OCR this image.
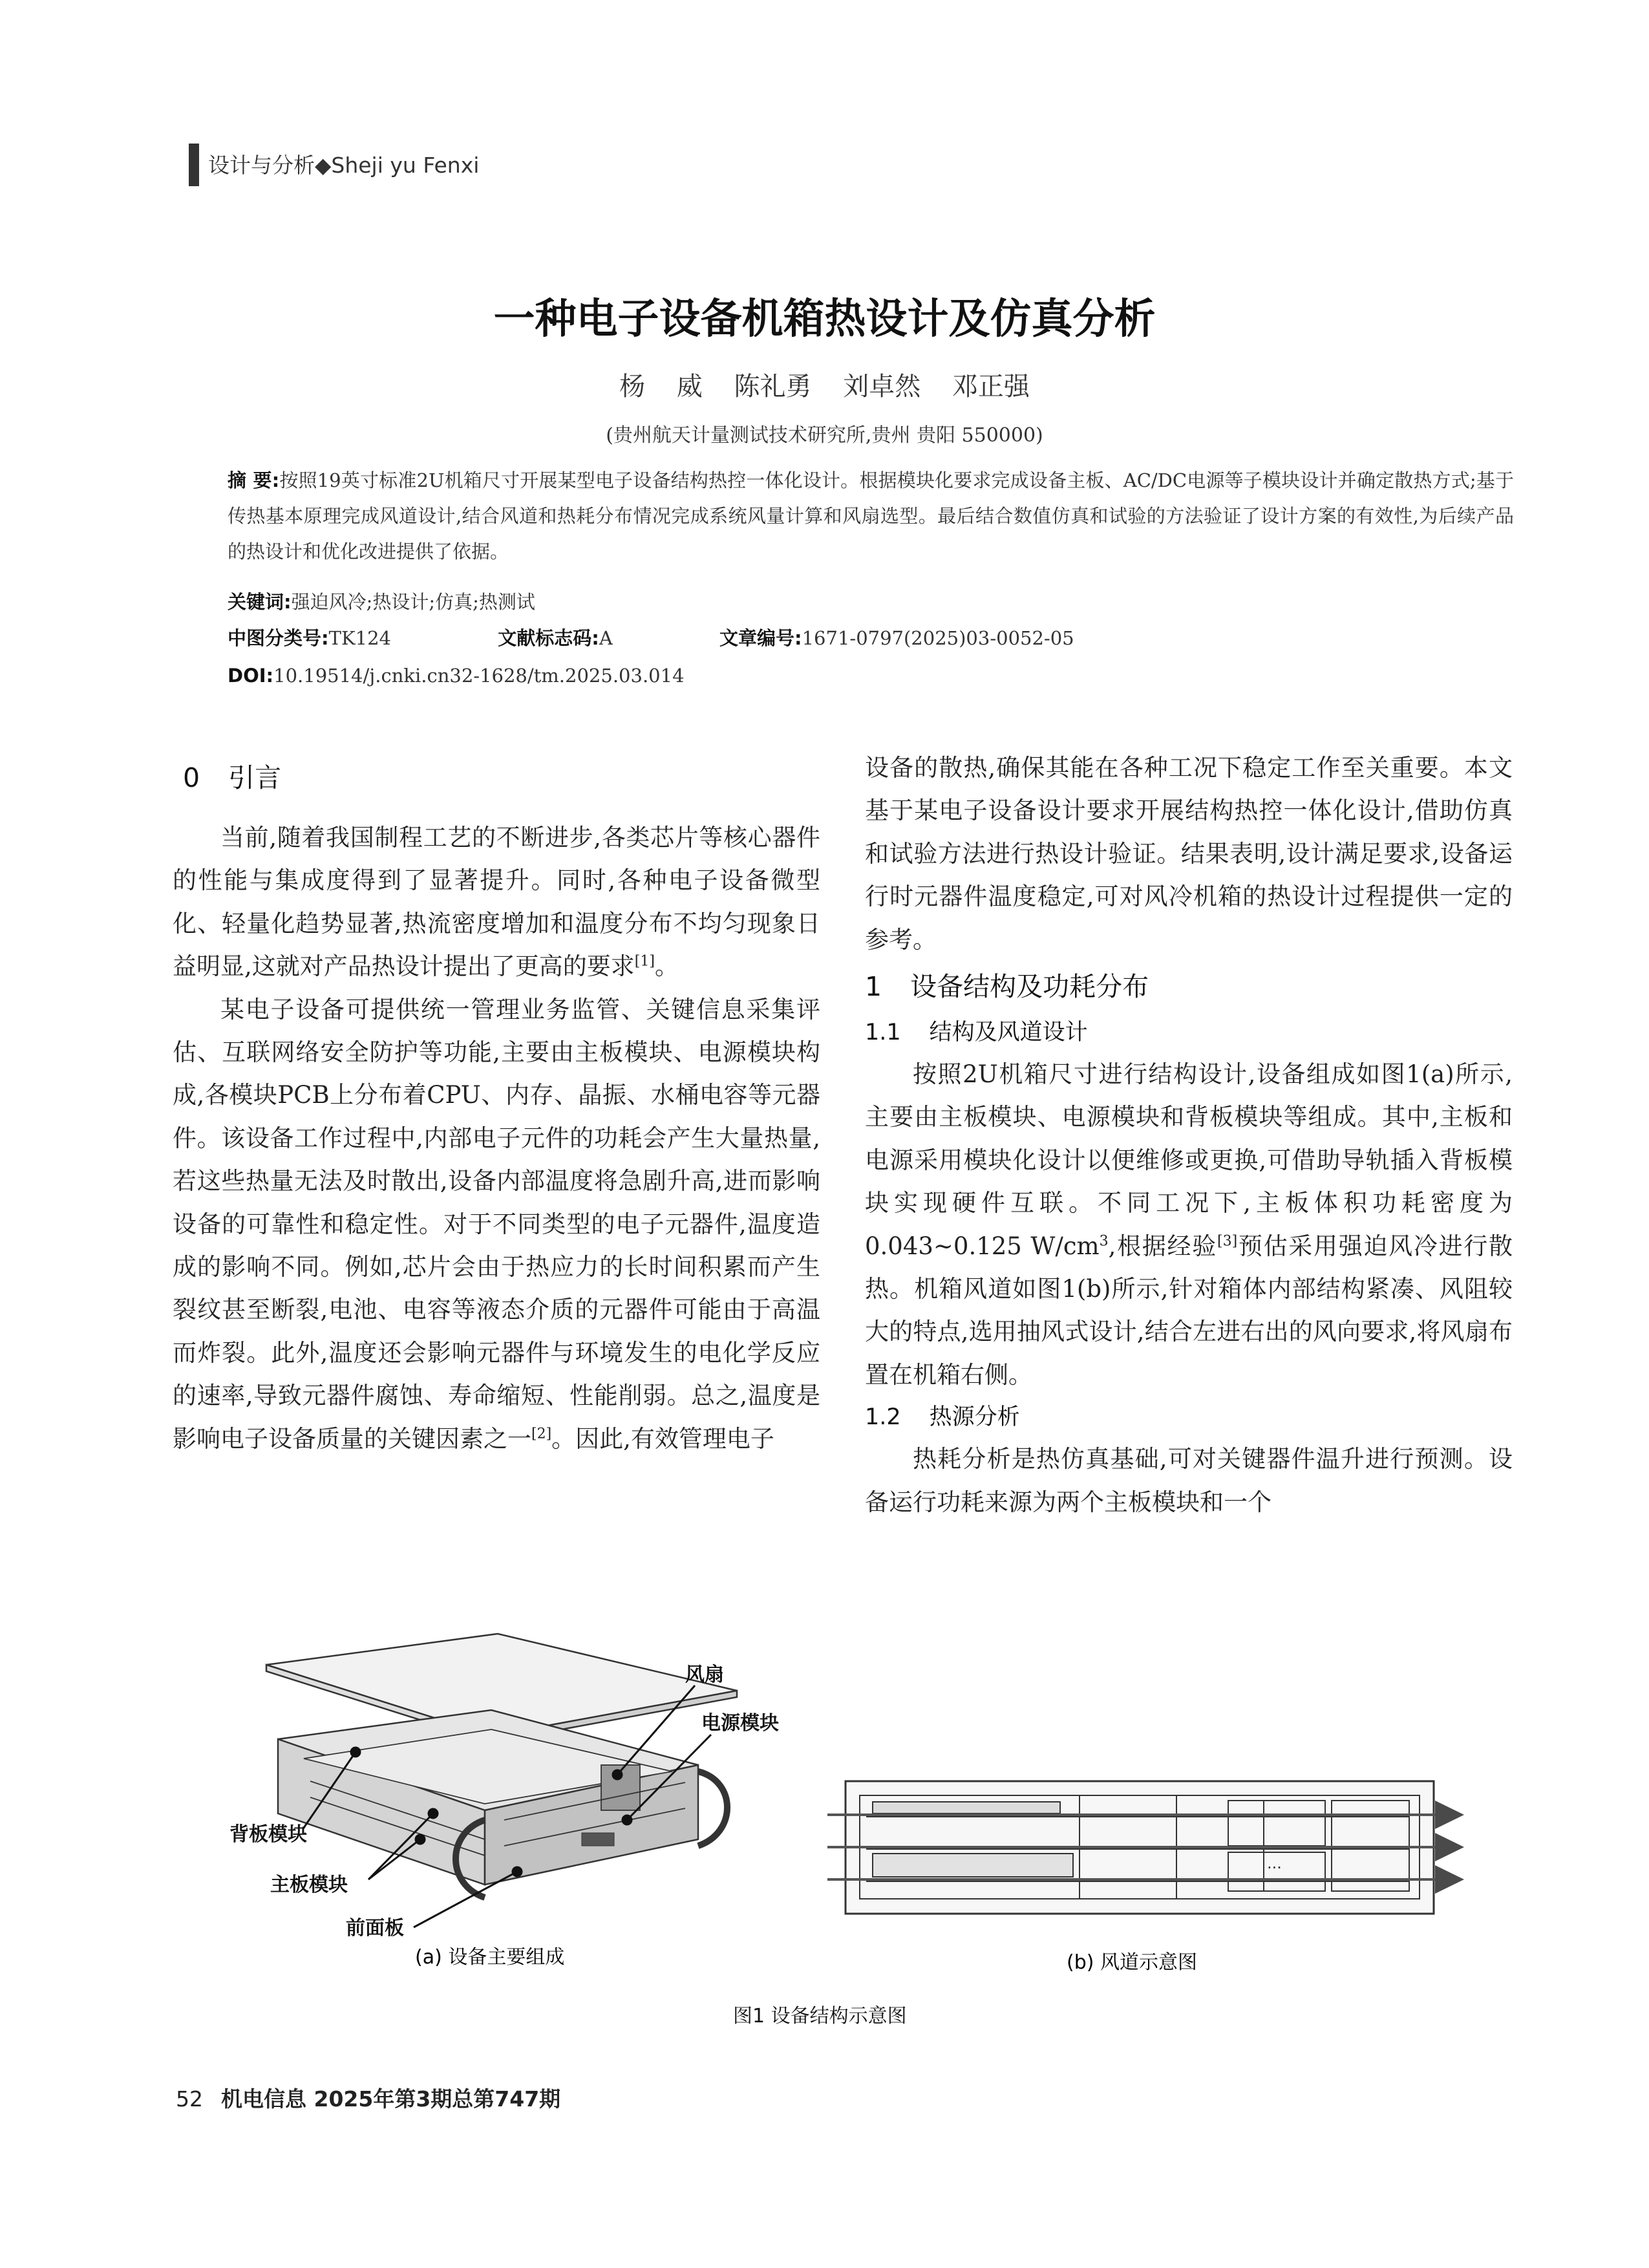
设计与分析◆Sheji yu Fenxi
一种电子设备机箱热设计及仿真分析
杨 威 陈礼勇 刘卓然 邓正强
(贵州航天计量测试技术研究所,贵州 贵阳 550000)
摘 要:按照19英寸标准2U机箱尺寸开展某型电子设备结构热控一体化设计。根据模块化要求完成设备主板、AC/DC电源等子模块设计并确定散热方式;基于传热基本原理完成风道设计,结合风道和热耗分布情况完成系统风量计算和风扇选型。最后结合数值仿真和试验的方法验证了设计方案的有效性,为后续产品的热设计和优化改进提供了依据。
关键词:强迫风冷;热设计;仿真;热测试
中图分类号:TK124	文献标志码:A	文章编号:1671-0797(2025)03-0052-05
DOI:10.19514/j.cnki.cn32-1628/tm.2025.03.014
0 引言

当前,随着我国制程工艺的不断进步,各类芯片等核心器件的性能与集成度得到了显著提升。同时,各种电子设备微型化、轻量化趋势显著,热流密度增加和温度分布不均匀现象日益明显,这就对产品热设计提出了更高的要求[1]。

某电子设备可提供统一管理业务监管、关键信息采集评估、互联网络安全防护等功能,主要由主板模块、电源模块构成,各模块PCB上分布着CPU、内存、晶振、水桶电容等元器件。该设备工作过程中,内部电子元件的功耗会产生大量热量,若这些热量无法及时散出,设备内部温度将急剧升高,进而影响设备的可靠性和稳定性。对于不同类型的电子元器件,温度造成的影响不同。例如,芯片会由于热应力的长时间积累而产生裂纹甚至断裂,电池、电容等液态介质的元器件可能由于高温而炸裂。此外,温度还会影响元器件与环境发生的电化学反应的速率,导致元器件腐蚀、寿命缩短、性能削弱。总之,温度是影响电子设备质量的关键因素之一[2]。因此,有效管理电子

设备的散热,确保其能在各种工况下稳定工作至关重要。本文基于某电子设备设计要求开展结构热控一体化设计,借助仿真和试验方法进行热设计验证。结果表明,设计满足要求,设备运行时元器件温度稳定,可对风冷机箱的热设计过程提供一定的参考。

1 设备结构及功耗分布
1.1 结构及风道设计

按照2U机箱尺寸进行结构设计,设备组成如图1(a)所示,主要由主板模块、电源模块和背板模块等组成。其中,主板和电源采用模块化设计以便维修或更换,可借助导轨插入背板模块实现硬件互联。不同工况下,主板体积功耗密度为0.043~0.125 $W/cm^3$,根据经验[3]预估采用强迫风冷进行散热。机箱风道如图1(b)所示,针对箱体内部结构紧凑、风阻较大的特点,选用抽风式设计,结合左进右出的风向要求,将风扇布置在机箱右侧。

1.2 热源分析

热耗分析是热仿真基础,可对关键器件温升进行预测。设备运行功耗来源为两个主板模块和一个

风扇
电源模块
背板模块
主板模块
前面板
(a) 设备主要组成
···
(b) 风道示意图
图1 设备结构示意图
52 机电信息 2025年第3期总第747期
